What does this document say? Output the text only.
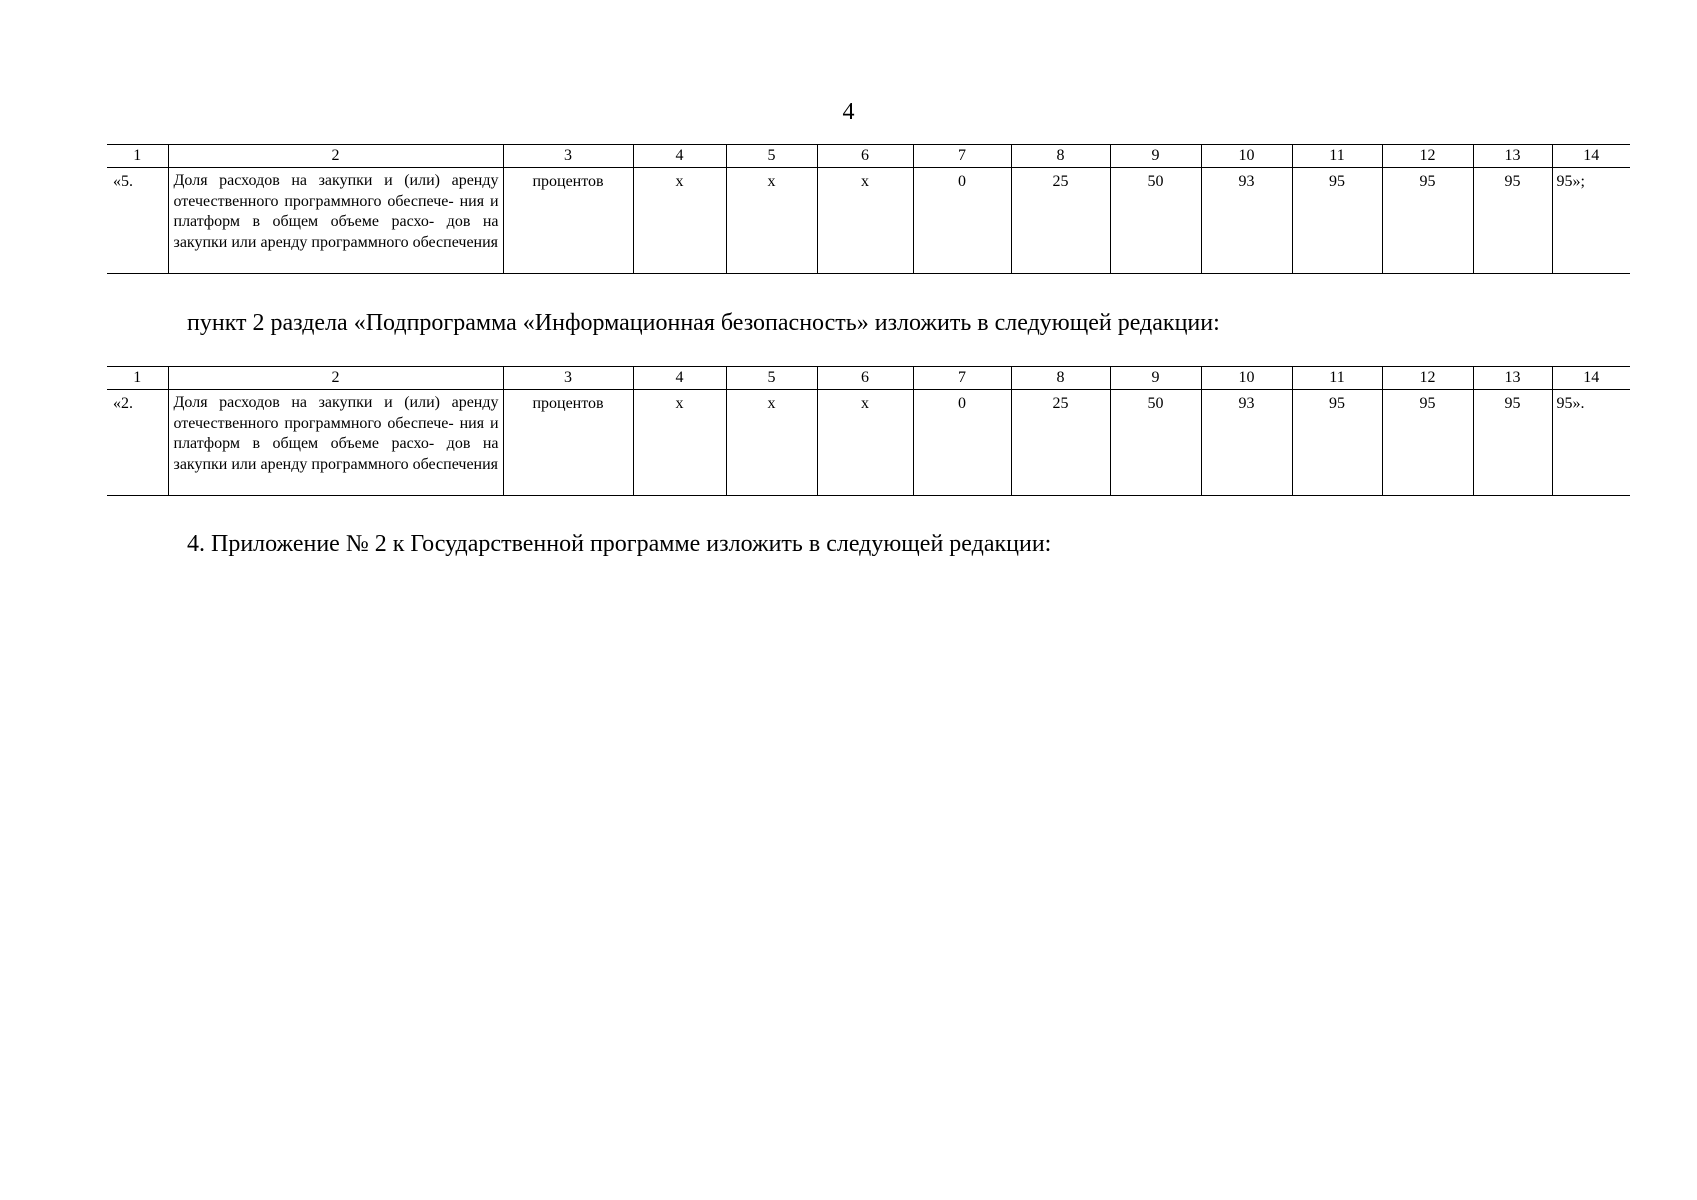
4
1	2	3	4	5	6	7	8	9	10	11	12	13	14
«5.	Доля расходов на закупки и (или) аренду отечественного программного обеспече- ния и платформ в общем объеме расхо- дов на закупки или аренду программного обеспечения	процентов	х	х	х	0	25	50	93	95	95	95	95»;
пункт 2 раздела «Подпрограмма «Информационная безопасность» изложить в следующей редакции:
1	2	3	4	5	6	7	8	9	10	11	12	13	14
«2.	Доля расходов на закупки и (или) аренду отечественного программного обеспече- ния и платформ в общем объеме расхо- дов на закупки или аренду программного обеспечения	процентов	х	х	х	0	25	50	93	95	95	95	95».
4. Приложение № 2 к Государственной программе изложить в следующей редакции:
